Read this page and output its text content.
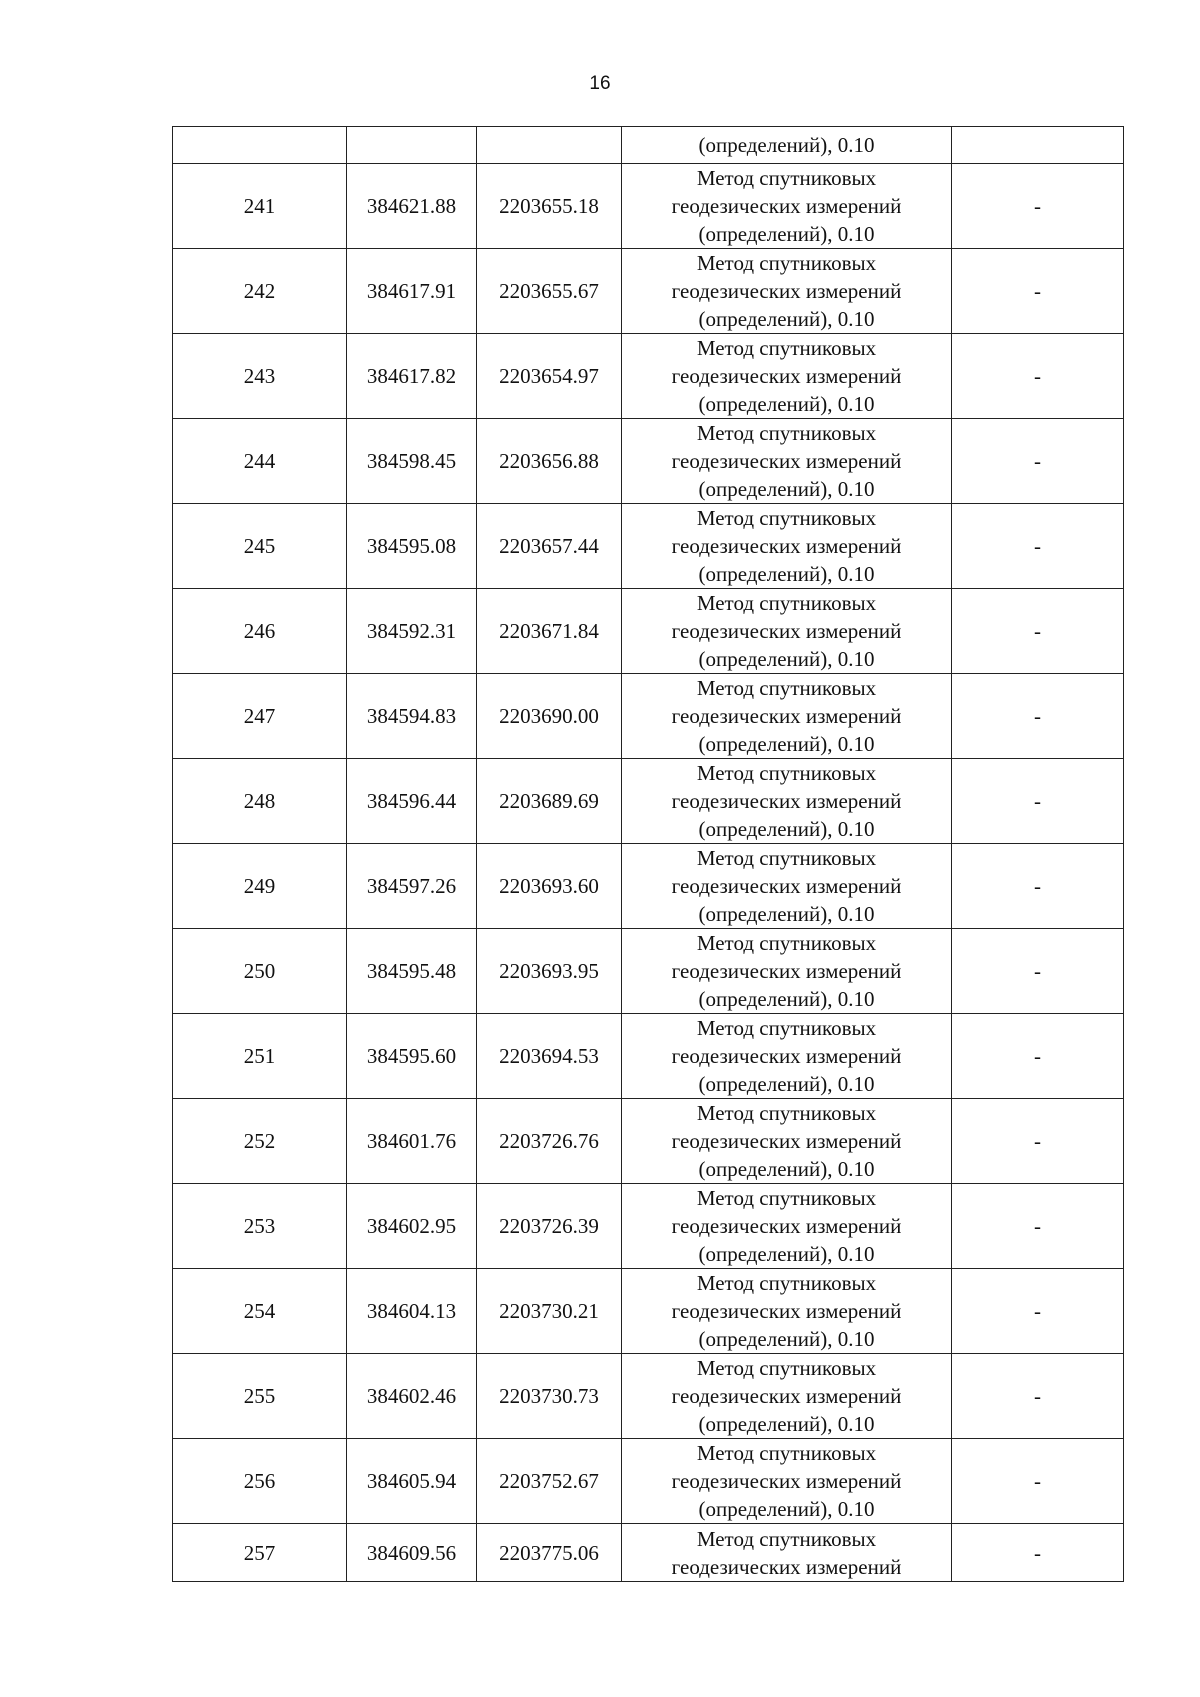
16

			(определений), 0.10	

241	384621.88	2203655.18	Метод спутниковых
геодезических измерений
(определений), 0.10	-
242	384617.91	2203655.67	Метод спутниковых
геодезических измерений
(определений), 0.10	-
243	384617.82	2203654.97	Метод спутниковых
геодезических измерений
(определений), 0.10	-
244	384598.45	2203656.88	Метод спутниковых
геодезических измерений
(определений), 0.10	-
245	384595.08	2203657.44	Метод спутниковых
геодезических измерений
(определений), 0.10	-
246	384592.31	2203671.84	Метод спутниковых
геодезических измерений
(определений), 0.10	-
247	384594.83	2203690.00	Метод спутниковых
геодезических измерений
(определений), 0.10	-
248	384596.44	2203689.69	Метод спутниковых
геодезических измерений
(определений), 0.10	-
249	384597.26	2203693.60	Метод спутниковых
геодезических измерений
(определений), 0.10	-
250	384595.48	2203693.95	Метод спутниковых
геодезических измерений
(определений), 0.10	-
251	384595.60	2203694.53	Метод спутниковых
геодезических измерений
(определений), 0.10	-
252	384601.76	2203726.76	Метод спутниковых
геодезических измерений
(определений), 0.10	-
253	384602.95	2203726.39	Метод спутниковых
геодезических измерений
(определений), 0.10	-
254	384604.13	2203730.21	Метод спутниковых
геодезических измерений
(определений), 0.10	-
255	384602.46	2203730.73	Метод спутниковых
геодезических измерений
(определений), 0.10	-
256	384605.94	2203752.67	Метод спутниковых
геодезических измерений
(определений), 0.10	-
257	384609.56	2203775.06	Метод спутниковых
геодезических измерений	-
